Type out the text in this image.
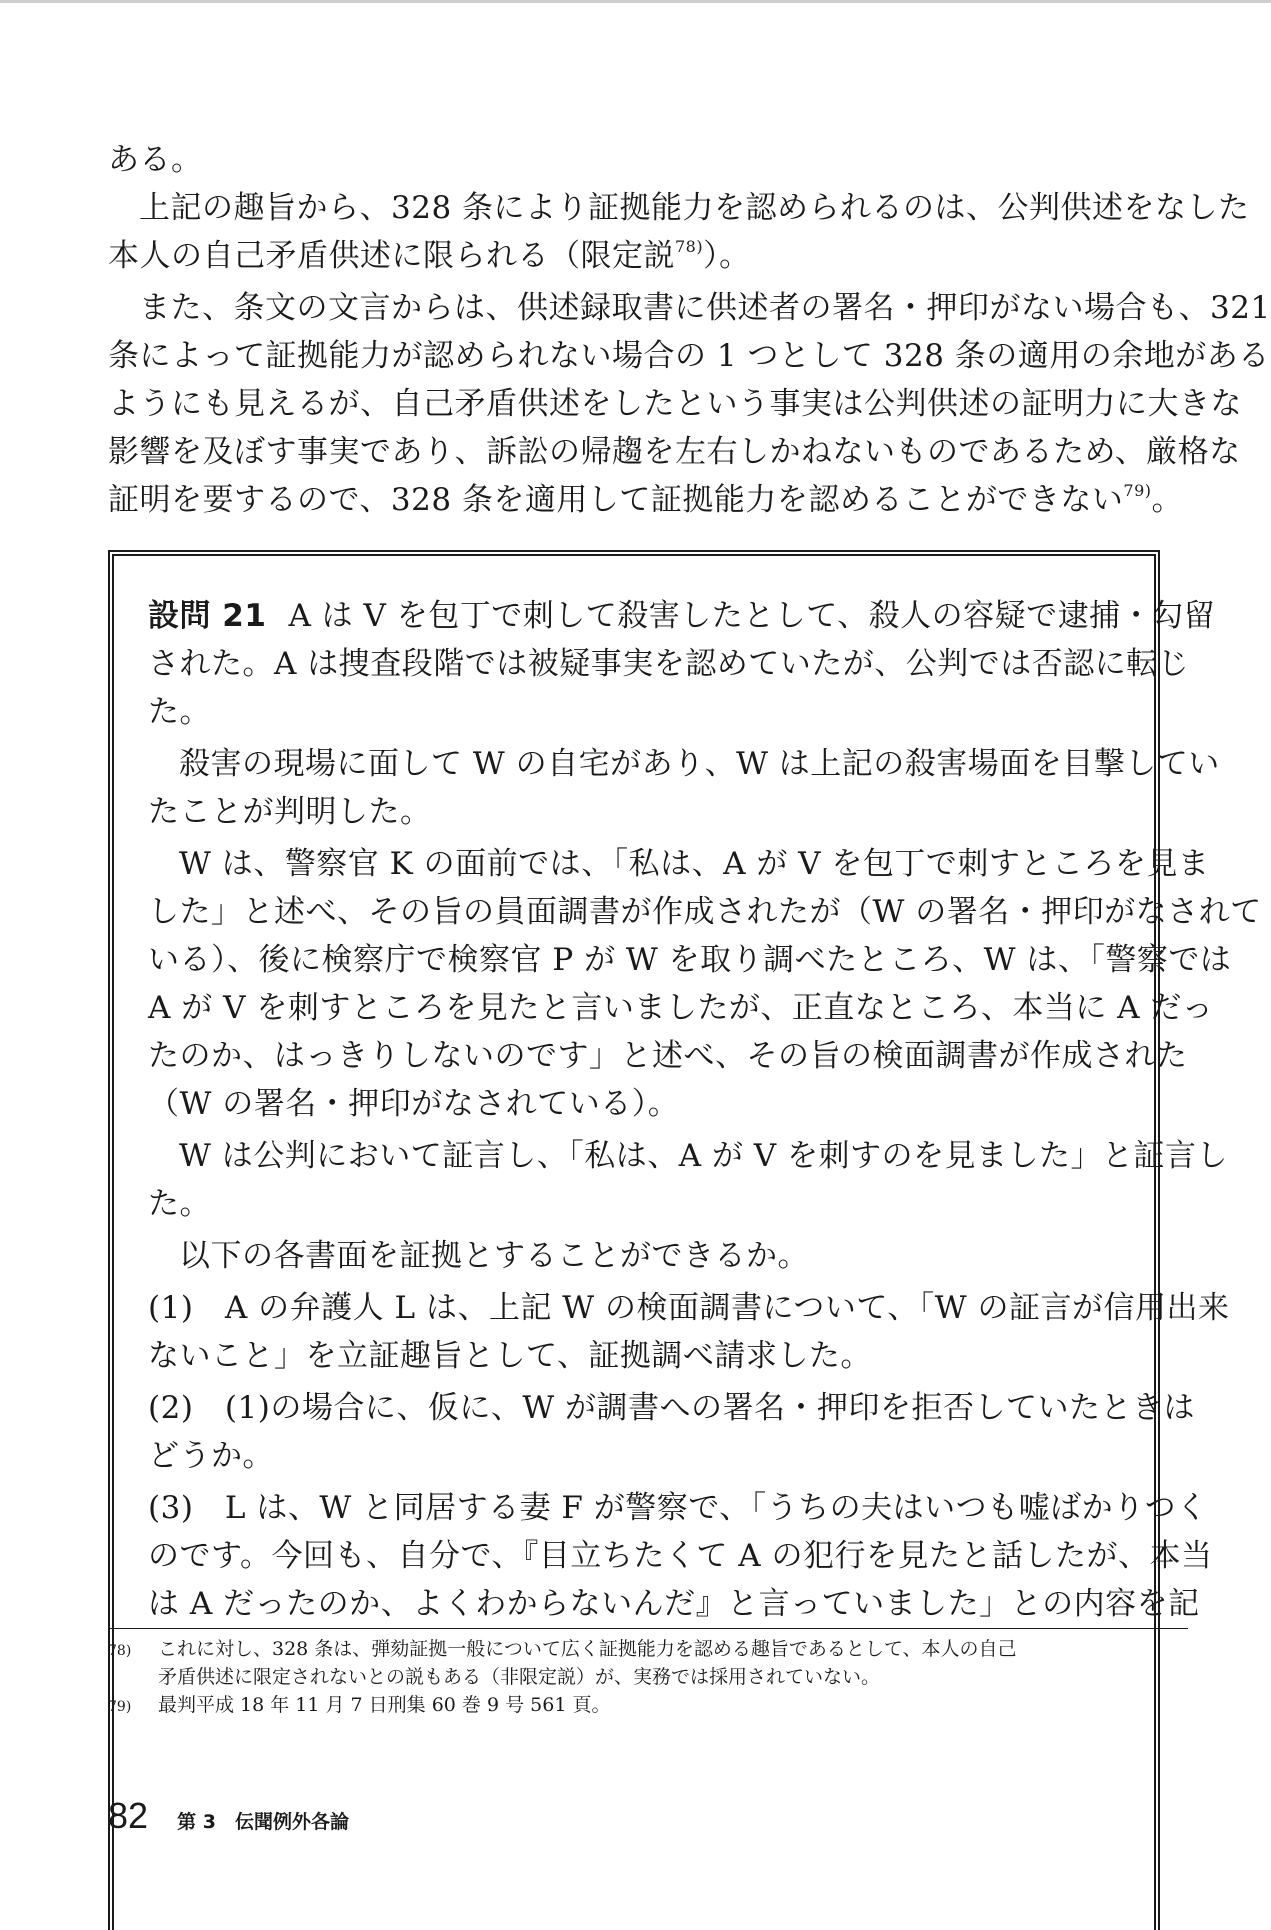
ある。
上記の趣旨から、328 条により証拠能力を認められるのは、公判供述をなした
本人の自己矛盾供述に限られる（限定説$^{78)}$）。
また、条文の文言からは、供述録取書に供述者の署名・押印がない場合も、321
条によって証拠能力が認められない場合の 1 つとして 328 条の適用の余地がある
ようにも見えるが、自己矛盾供述をしたという事実は公判供述の証明力に大きな
影響を及ぼす事実であり、訴訟の帰趨を左右しかねないものであるため、厳格な
証明を要するので、328 条を適用して証拠能力を認めることができない$^{79)}$。
設問 21 A は V を包丁で刺して殺害したとして、殺人の容疑で逮捕・勾留
された。A は捜査段階では被疑事実を認めていたが、公判では否認に転じ
た。
殺害の現場に面して W の自宅があり、W は上記の殺害場面を目撃してい
たことが判明した。
W は、警察官 K の面前では、「私は、A が V を包丁で刺すところを見ま
した」と述べ、その旨の員面調書が作成されたが（W の署名・押印がなされて
いる）、後に検察庁で検察官 P が W を取り調べたところ、W は、「警察では
A が V を刺すところを見たと言いましたが、正直なところ、本当に A だっ
たのか、はっきりしないのです」と述べ、その旨の検面調書が作成された
（W の署名・押印がなされている）。
W は公判において証言し、「私は、A が V を刺すのを見ました」と証言し
た。
以下の各書面を証拠とすることができるか。
(1)　A の弁護人 L は、上記 W の検面調書について、「W の証言が信用出来
ないこと」を立証趣旨として、証拠調べ請求した。
(2)　(1)の場合に、仮に、W が調書への署名・押印を拒否していたときは
どうか。
(3)　L は、W と同居する妻 F が警察で、「うちの夫はいつも嘘ばかりつく
のです。今回も、自分で、『目立ちたくて A の犯行を見たと話したが、本当
は A だったのか、よくわからないんだ』と言っていました」との内容を記
78) これに対し、328 条は、弾劾証拠一般について広く証拠能力を認める趣旨であるとして、本人の自己
矛盾供述に限定されないとの説もある（非限定説）が、実務では採用されていない。
79) 最判平成 18 年 11 月 7 日刑集 60 巻 9 号 561 頁。
82 第 3　伝聞例外各論
